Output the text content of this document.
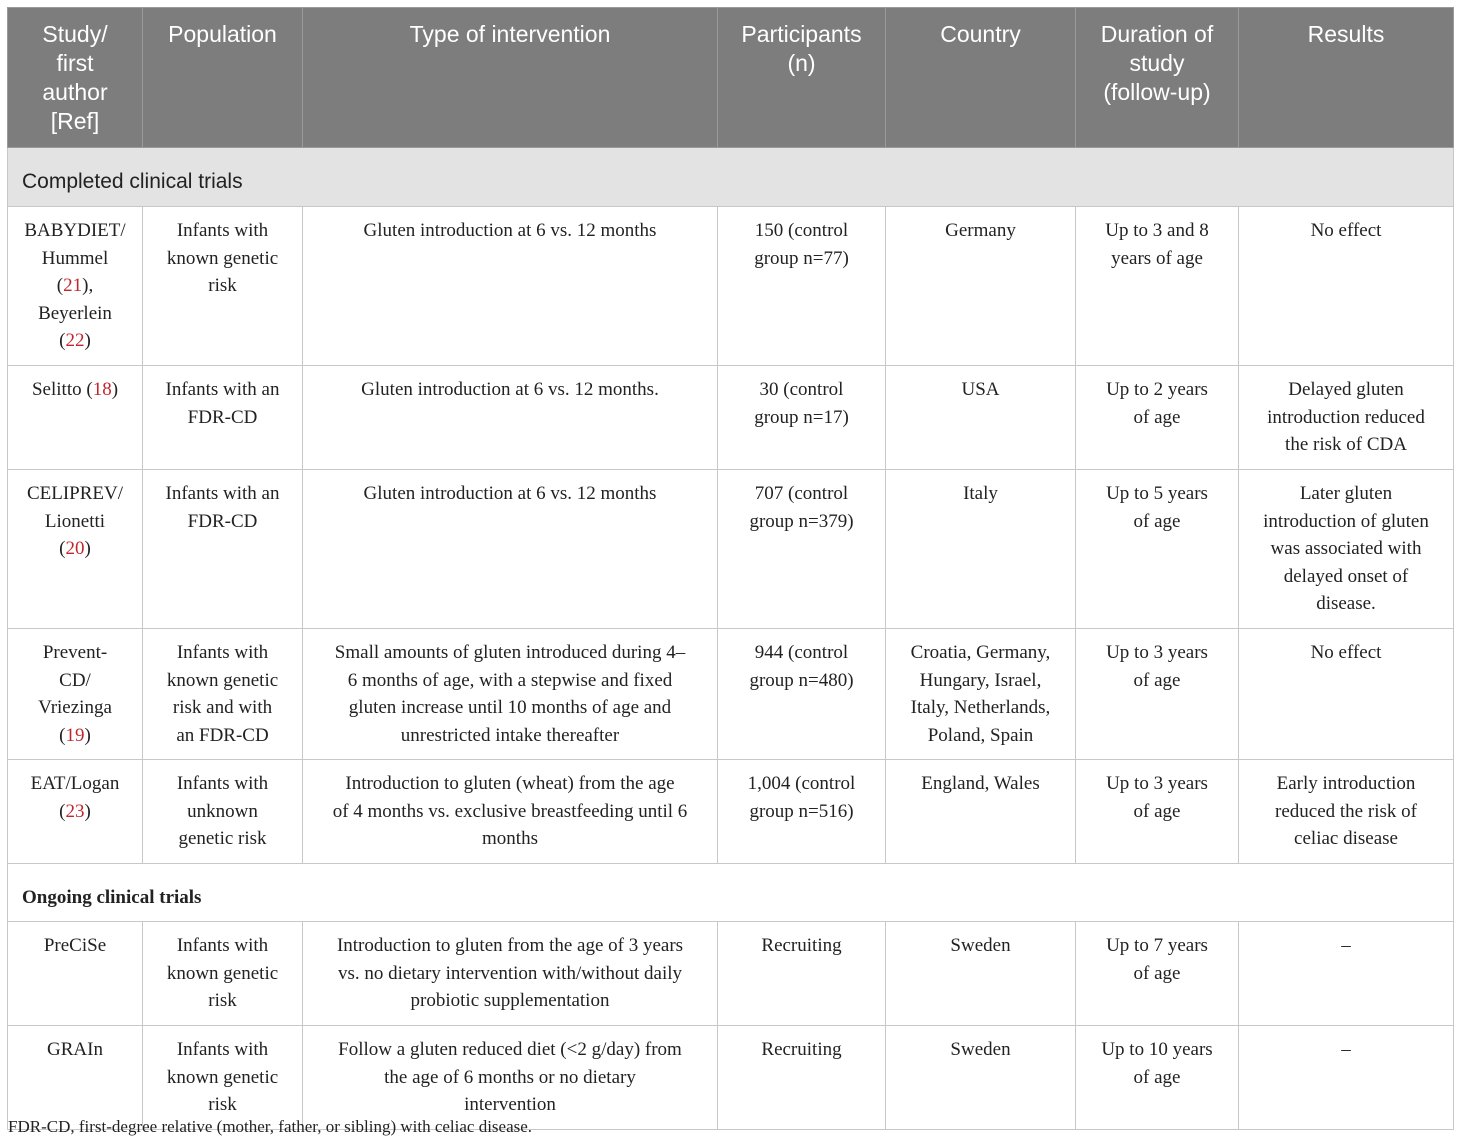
Study/
first
author
[Ref]	Population	Type of intervention	Participants
(n)	Country	Duration of
study
(follow-up)	Results
Completed clinical trials						
BABYDIET/
Hummel
(21),
Beyerlein
(22)	Infants with
known genetic
risk	Gluten introduction at 6 vs. 12 months	150 (control
group n=77)	Germany	Up to 3 and 8
years of age	No effect
Selitto (18)	Infants with an
FDR-CD	Gluten introduction at 6 vs. 12 months.	30 (control
group n=17)	USA	Up to 2 years
of age	Delayed gluten
introduction reduced
the risk of CDA
CELIPREV/
Lionetti
(20)	Infants with an
FDR-CD	Gluten introduction at 6 vs. 12 months	707 (control
group n=379)	Italy	Up to 5 years
of age	Later gluten
introduction of gluten
was associated with
delayed onset of
disease.
Prevent-
CD/
Vriezinga
(19)	Infants with
known genetic
risk and with
an FDR-CD	Small amounts of gluten introduced during 4–
6 months of age, with a stepwise and fixed
gluten increase until 10 months of age and
unrestricted intake thereafter	944 (control
group n=480)	Croatia, Germany,
Hungary, Israel,
Italy, Netherlands,
Poland, Spain	Up to 3 years
of age	No effect
EAT/Logan
(23)	Infants with
unknown
genetic risk	Introduction to gluten (wheat) from the age
of 4 months vs. exclusive breastfeeding until 6
months	1,004 (control
group n=516)	England, Wales	Up to 3 years
of age	Early introduction
reduced the risk of
celiac disease
Ongoing clinical trials						
PreCiSe	Infants with
known genetic
risk	Introduction to gluten from the age of 3 years
vs. no dietary intervention with/without daily
probiotic supplementation	Recruiting	Sweden	Up to 7 years
of age	–
GRAIn	Infants with
known genetic
risk	Follow a gluten reduced diet (<2 g/day) from
the age of 6 months or no dietary
intervention	Recruiting	Sweden	Up to 10 years
of age	–

FDR-CD, first-degree relative (mother, father, or sibling) with celiac disease.
